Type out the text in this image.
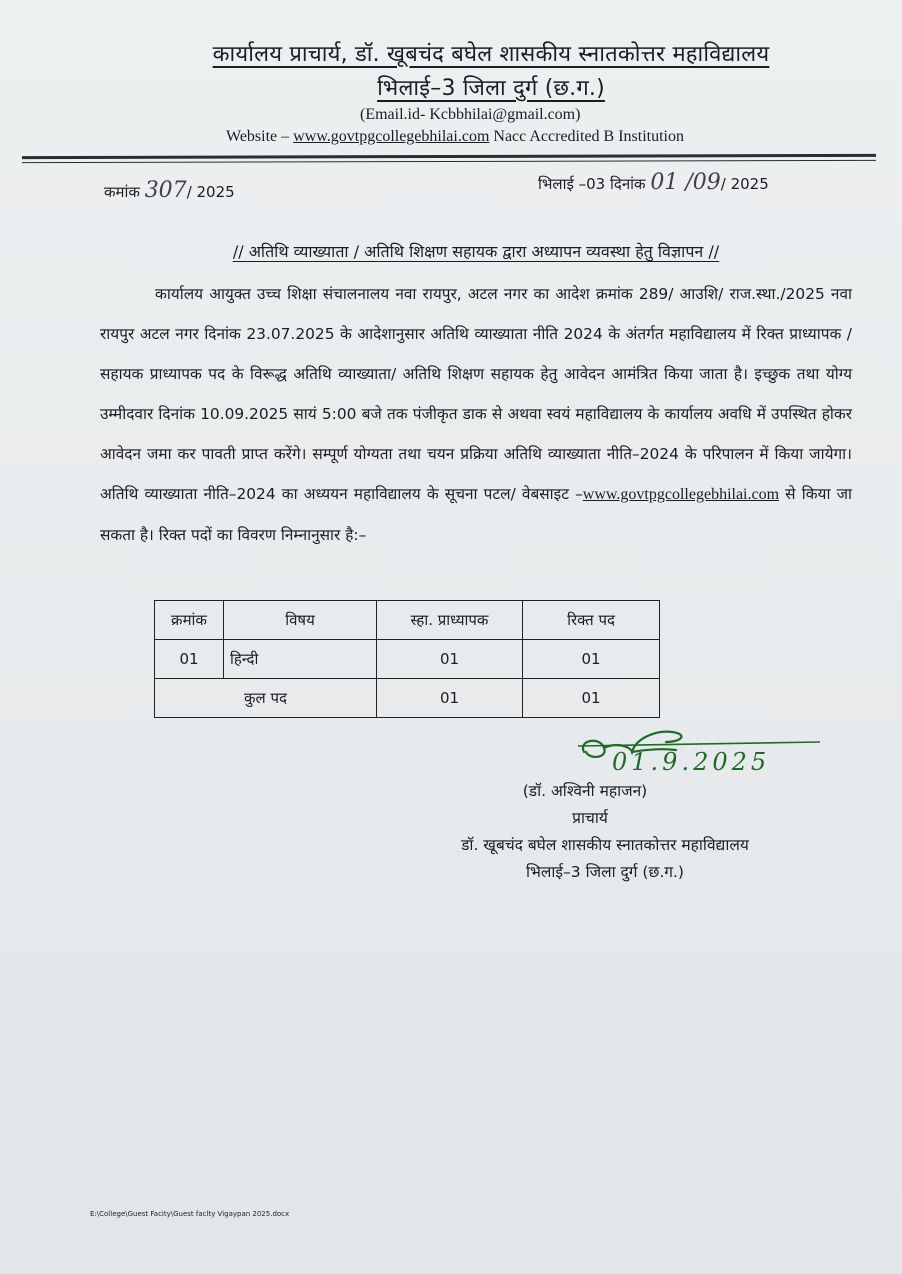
कार्यालय प्राचार्य, डॉ. खूबचंद बघेल शासकीय स्नातकोत्तर महाविद्यालय
भिलाई–3 जिला दुर्ग (छ.ग.)
(Email.id- Kcbbhilai@gmail.com)
Website – www.govtpgcollegebhilai.com Nacc Accredited B Institution
कमांक 307/ 2025	भिलाई –03 दिनांक 01 /09/ 2025
// अतिथि व्याख्याता / अतिथि शिक्षण सहायक द्वारा अध्यापन व्यवस्था हेतु विज्ञापन //

कार्यालय आयुक्त उच्च शिक्षा संचालनालय नवा रायपुर, अटल नगर का आदेश क्रमांक 289/ आउशि/ राज.स्था./2025 नवा रायपुर अटल नगर दिनांक 23.07.2025 के आदेशानुसार अतिथि व्याख्याता नीति 2024 के अंतर्गत महाविद्यालय में रिक्त प्राध्यापक / सहायक प्राध्यापक पद के विरूद्ध अतिथि व्याख्याता/ अतिथि शिक्षण सहायक हेतु आवेदन आमंत्रित किया जाता है। इच्छुक तथा योग्य उम्मीदवार दिनांक 10.09.2025 सायं 5:00 बजे तक पंजीकृत डाक से अथवा स्वयं महाविद्यालय के कार्यालय अवधि में उपस्थित होकर आवेदन जमा कर पावती प्राप्त करेंगे। सम्पूर्ण योग्यता तथा चयन प्रक्रिया अतिथि व्याख्याता नीति–2024 के परिपालन में किया जायेगा। अतिथि व्याख्याता नीति–2024 का अध्ययन महाविद्यालय के सूचना पटल/ वेबसाइट –www.govtpgcollegebhilai.com से किया जा सकता है। रिक्त पदों का विवरण निम्नानुसार है:–

क्रमांक	विषय	स्हा. प्राध्यापक	रिक्त पद
01	हिन्दी	01	01
कुल पद		01	01
01.9.2025
(डॉ. अश्विनी महाजन)
प्राचार्य
डॉ. खूबचंद बघेल शासकीय स्नातकोत्तर महाविद्यालय
भिलाई–3 जिला दुर्ग (छ.ग.)
E:\College\Guest Facity\Guest faclty Vigaypan 2025.docx
